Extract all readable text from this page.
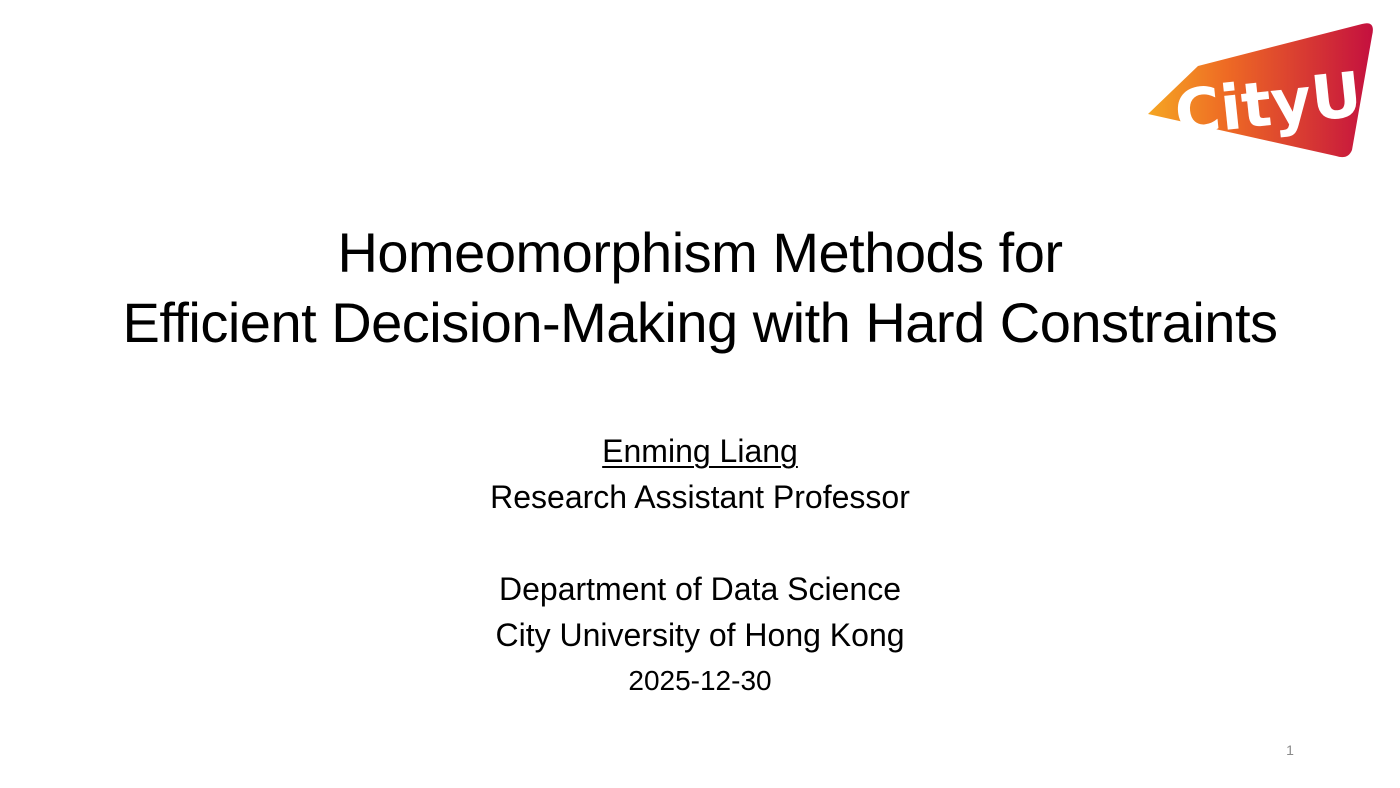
CityU
Homeomorphism Methods for
Efficient Decision-Making with Hard Constraints
Enming Liang
Research Assistant Professor
Department of Data Science
City University of Hong Kong
2025-12-30
1
